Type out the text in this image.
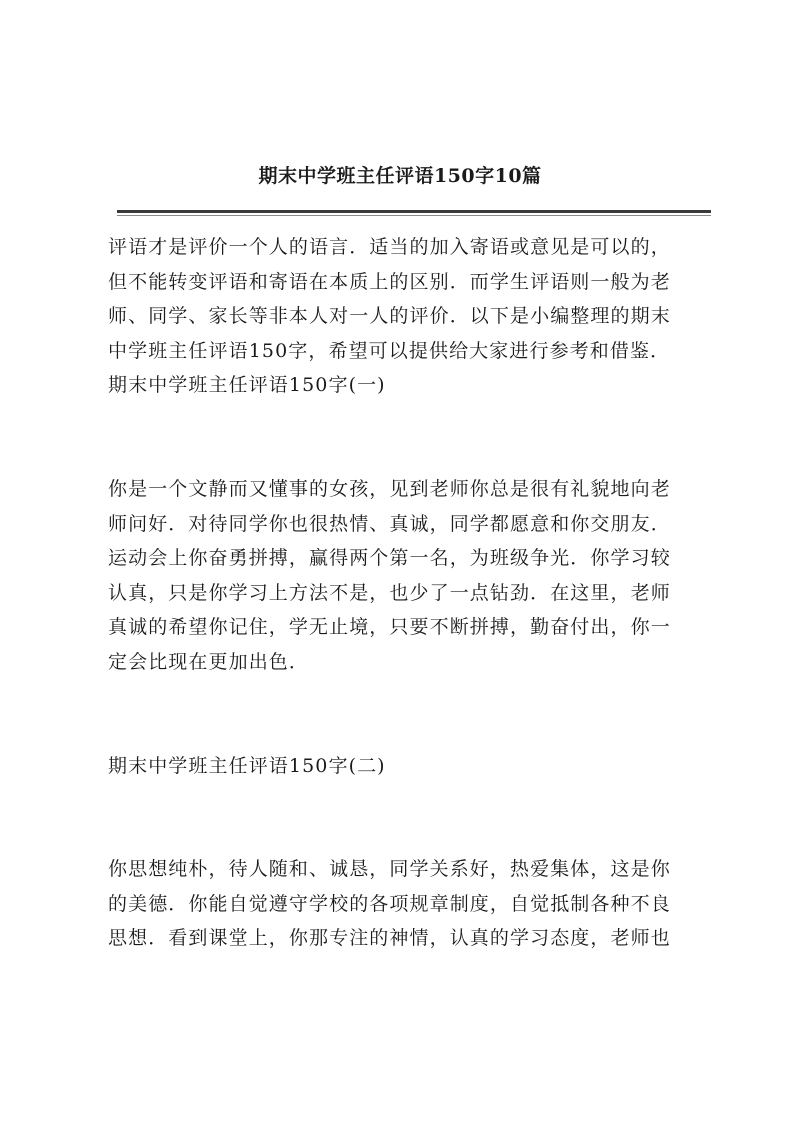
期末中学班主任评语150字10篇
评语才是评价一个人的语言．适当的加入寄语或意见是可以的，
但不能转变评语和寄语在本质上的区别．而学生评语则一般为老
师、同学、家长等非本人对一人的评价．以下是小编整理的期末
中学班主任评语150字，希望可以提供给大家进行参考和借鉴．
期末中学班主任评语150字(一)
你是一个文静而又懂事的女孩，见到老师你总是很有礼貌地向老
师问好．对待同学你也很热情、真诚，同学都愿意和你交朋友．
运动会上你奋勇拼搏，赢得两个第一名，为班级争光．你学习较
认真，只是你学习上方法不是，也少了一点钻劲．在这里，老师
真诚的希望你记住，学无止境，只要不断拼搏，勤奋付出，你一
定会比现在更加出色．
期末中学班主任评语150字(二)
你思想纯朴，待人随和、诚恳，同学关系好，热爱集体，这是你
的美德．你能自觉遵守学校的各项规章制度，自觉抵制各种不良
思想．看到课堂上，你那专注的神情，认真的学习态度，老师也
